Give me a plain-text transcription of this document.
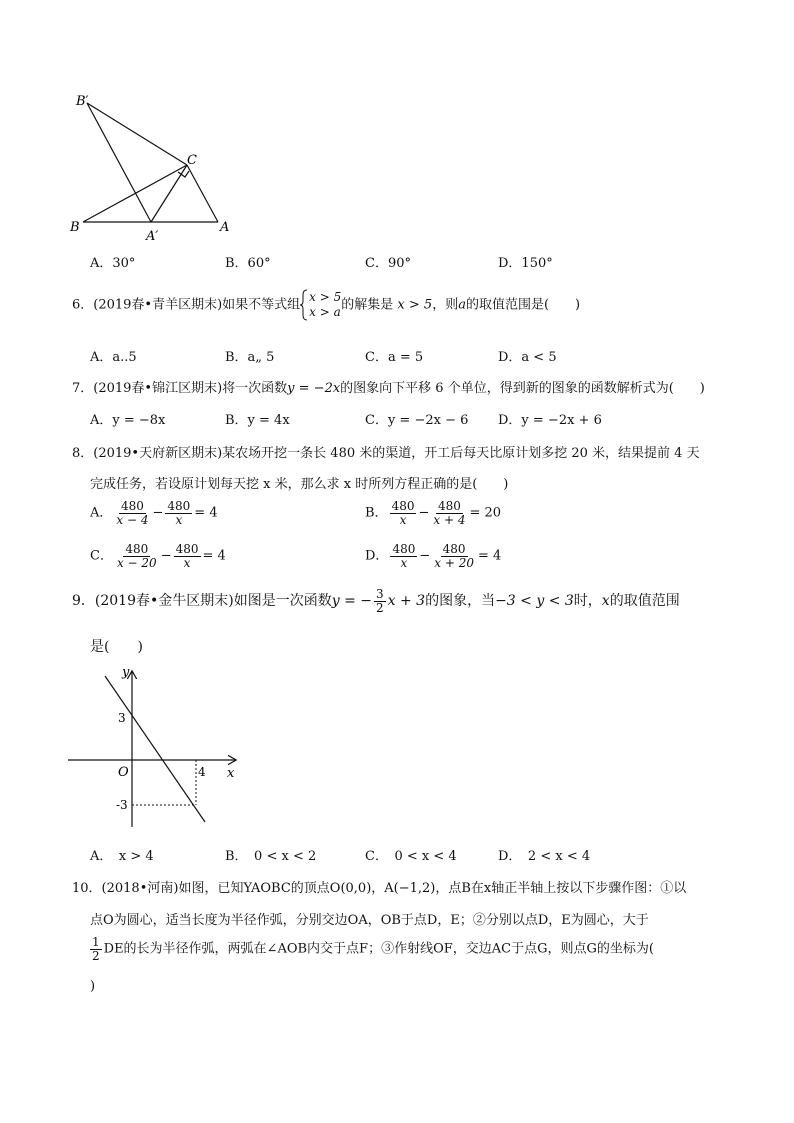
B′
C
B
A′
A
A．30°	B．60°	C．90°	D．150°
6．(2019春•青羊区期末)如果不等式组
x > 5
x > a 的解集是 x > 5，则a的取值范围是(　　)
A．a..5	B．a„ 5	C．a = 5	D．a < 5
7．(2019春•锦江区期末)将一次函数y = −2x的图象向下平移 6 个单位，得到新的图象的函数解析式为(　　)
A．y = −8x	B．y = 4x	C．y = −2x − 6 D．y = −2x + 6
8．(2019•天府新区期末)某农场开挖一条长 480 米的渠道，开工后每天比原计划多挖 20 米，结果提前 4 天
完成任务，若设原计划每天挖 x 米，那么求 x 时所列方程正确的是(　　)
A． $\frac{480}{x - 4} - \frac{480}{x} = 4$	B． $\frac{480}{x} - \frac{480}{x + 4} = 20$
C． $\frac{480}{x - 20} - \frac{480}{x} = 4$	D． $\frac{480}{x} - \frac{480}{x + 20} = 4$
9．(2019春•金牛区期末)如图是一次函数y = − $\frac{3}{2}$ x + 3的图象，当−3 < y < 3时，x的取值范围
是(　　)
y
x
O
3
-3
4
A．　x > 4	B．　0 < x < 2	C．　0 < x < 4	D．　2 < x < 4
10．(2018•河南)如图，已知YAOBC的顶点O(0,0)，A(−1,2)，点B在x轴正半轴上按以下步骤作图：①以
点O为圆心，适当长度为半径作弧，分别交边OA，OB于点D，E；②分别以点D，E为圆心，大于
$\frac{1}{2}$ DE的长为半径作弧，两弧在∠AOB内交于点F；③作射线OF，交边AC于点G，则点G的坐标为(
)
